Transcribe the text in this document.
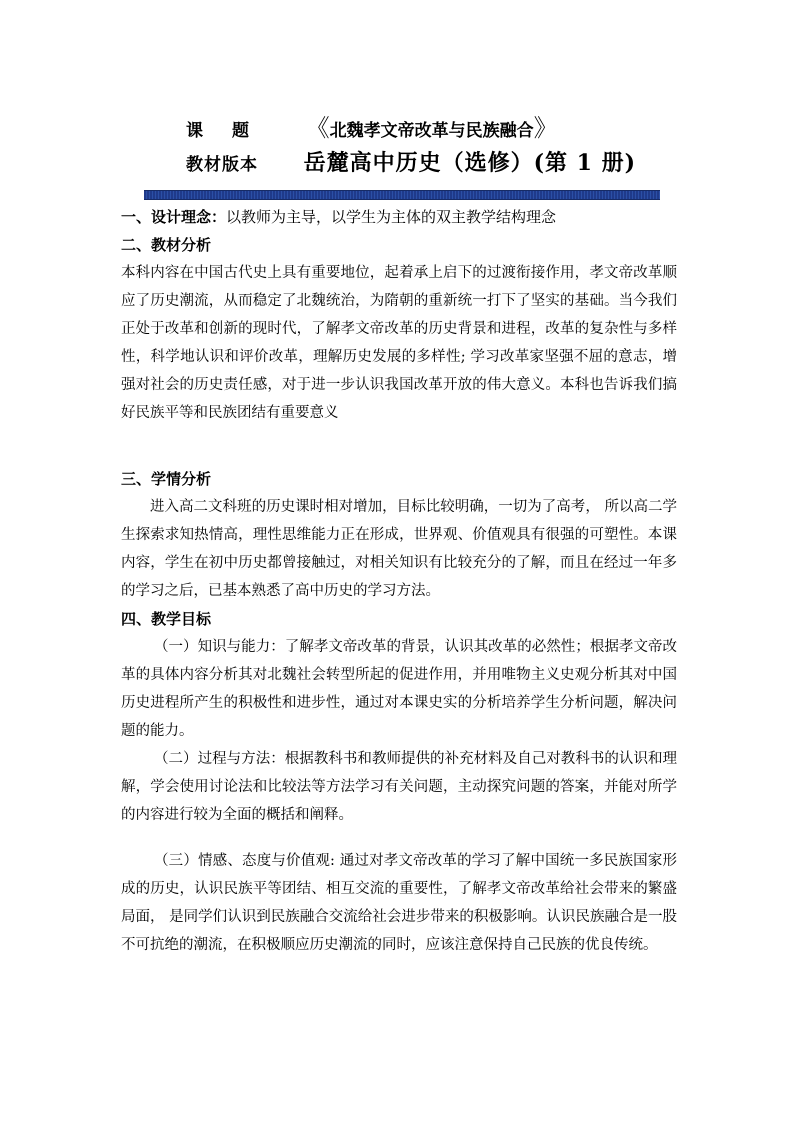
课题 《北魏孝文帝改革与民族融合》
教材版本 岳麓高中历史（选修）(第 1 册)

一、设计理念：以教师为主导，以学生为主体的双主教学结构理念

二、教材分析

本科内容在中国古代史上具有重要地位，起着承上启下的过渡衔接作用，孝文帝改革顺应了历史潮流，从而稳定了北魏统治，为隋朝的重新统一打下了坚实的基础。当今我们正处于改革和创新的现时代，了解孝文帝改革的历史背景和进程，改革的复杂性与多样性，科学地认识和评价改革，理解历史发展的多样性; 学习改革家坚强不屈的意志，增强对社会的历史责任感，对于进一步认识我国改革开放的伟大意义。本科也告诉我们搞好民族平等和民族团结有重要意义

三、学情分析

进入高二文科班的历史课时相对增加，目标比较明确，一切为了高考， 所以高二学生探索求知热情高，理性思维能力正在形成，世界观、价值观具有很强的可塑性。本课内容，学生在初中历史都曾接触过，对相关知识有比较充分的了解，而且在经过一年多的学习之后，已基本熟悉了高中历史的学习方法。

四、教学目标

（一）知识与能力：了解孝文帝改革的背景，认识其改革的必然性；根据孝文帝改革的具体内容分析其对北魏社会转型所起的促进作用，并用唯物主义史观分析其对中国历史进程所产生的积极性和进步性，通过对本课史实的分析培养学生分析问题，解决问题的能力。

（二）过程与方法：根据教科书和教师提供的补充材料及自己对教科书的认识和理解，学会使用讨论法和比较法等方法学习有关问题，主动探究问题的答案，并能对所学的内容进行较为全面的概括和阐释。

（三）情感、态度与价值观: 通过对孝文帝改革的学习了解中国统一多民族国家形成的历史，认识民族平等团结、相互交流的重要性，了解孝文帝改革给社会带来的繁盛局面， 是同学们认识到民族融合交流给社会进步带来的积极影响。认识民族融合是一股不可抗绝的潮流，在积极顺应历史潮流的同时，应该注意保持自己民族的优良传统。
